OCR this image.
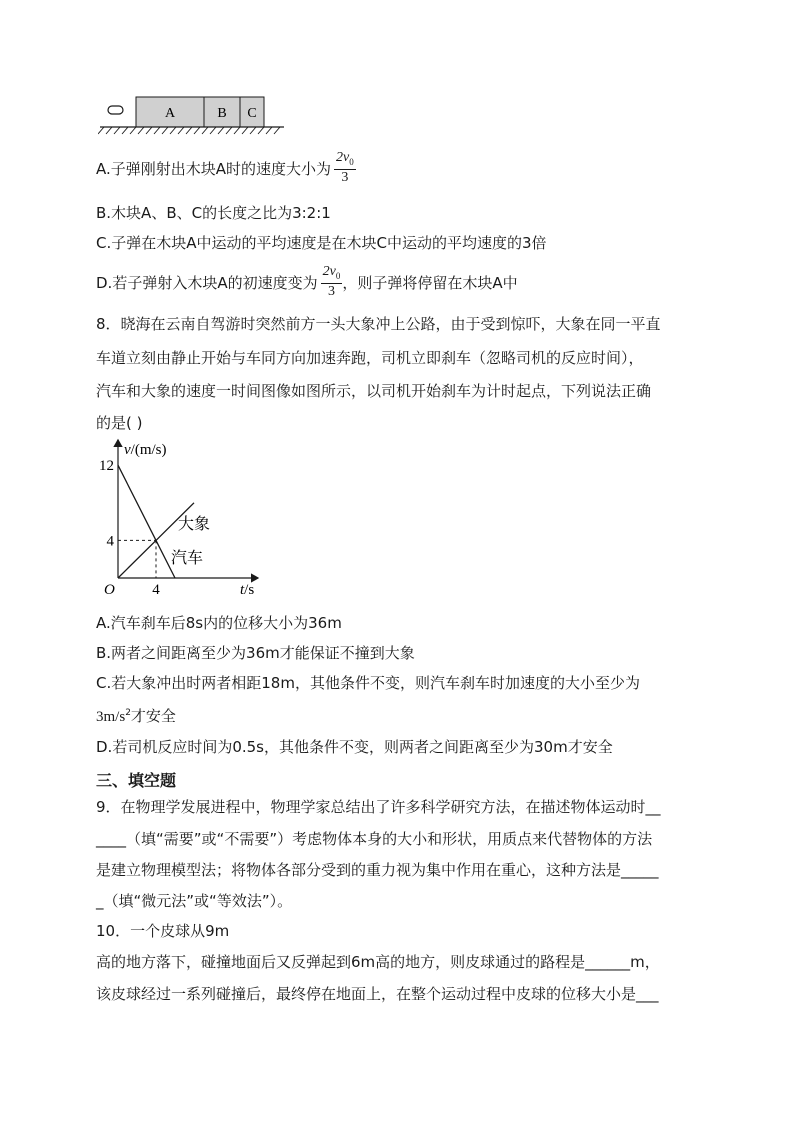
A	B C
A.子弹刚射出木块A时的速度大小为 $\frac{2v_0}{3}$
B.木块A、B、C的长度之比为3:2:1
C.子弹在木块A中运动的平均速度是在木块C中运动的平均速度的3倍
D.若子弹射入木块A的初速度变为 $\frac{2v_0}{3}$ ，则子弹将停留在木块A中
8．晓海在云南自驾游时突然前方一头大象冲上公路，由于受到惊吓，大象在同一平直
车道立刻由静止开始与车同方向加速奔跑，司机立即刹车（忽略司机的反应时间），
汽车和大象的速度一时间图像如图所示，以司机开始刹车为计时起点，下列说法正确
的是( )
v/(m/s)
t/s
O
大象
汽车
12
4
4
A.汽车刹车后8s内的位移大小为36m
B.两者之间距离至少为36m才能保证不撞到大象
C.若大象冲出时两者相距18m，其他条件不变，则汽车刹车时加速度的大小至少为
$3m/s^2$才安全
D.若司机反应时间为0.5s，其他条件不变，则两者之间距离至少为30m才安全
三、填空题
9．在物理学发展进程中，物理学家总结出了许多科学研究方法，在描述物体运动时__
____（填“需要”或“不需要”）考虑物体本身的大小和形状，用质点来代替物体的方法
是建立物理模型法；将物体各部分受到的重力视为集中作用在重心，这种方法是_____
_（填“微元法”或“等效法”）。
10．一个皮球从9m
高的地方落下，碰撞地面后又反弹起到6m高的地方，则皮球通过的路程是______m，
该皮球经过一系列碰撞后，最终停在地面上，在整个运动过程中皮球的位移大小是___
